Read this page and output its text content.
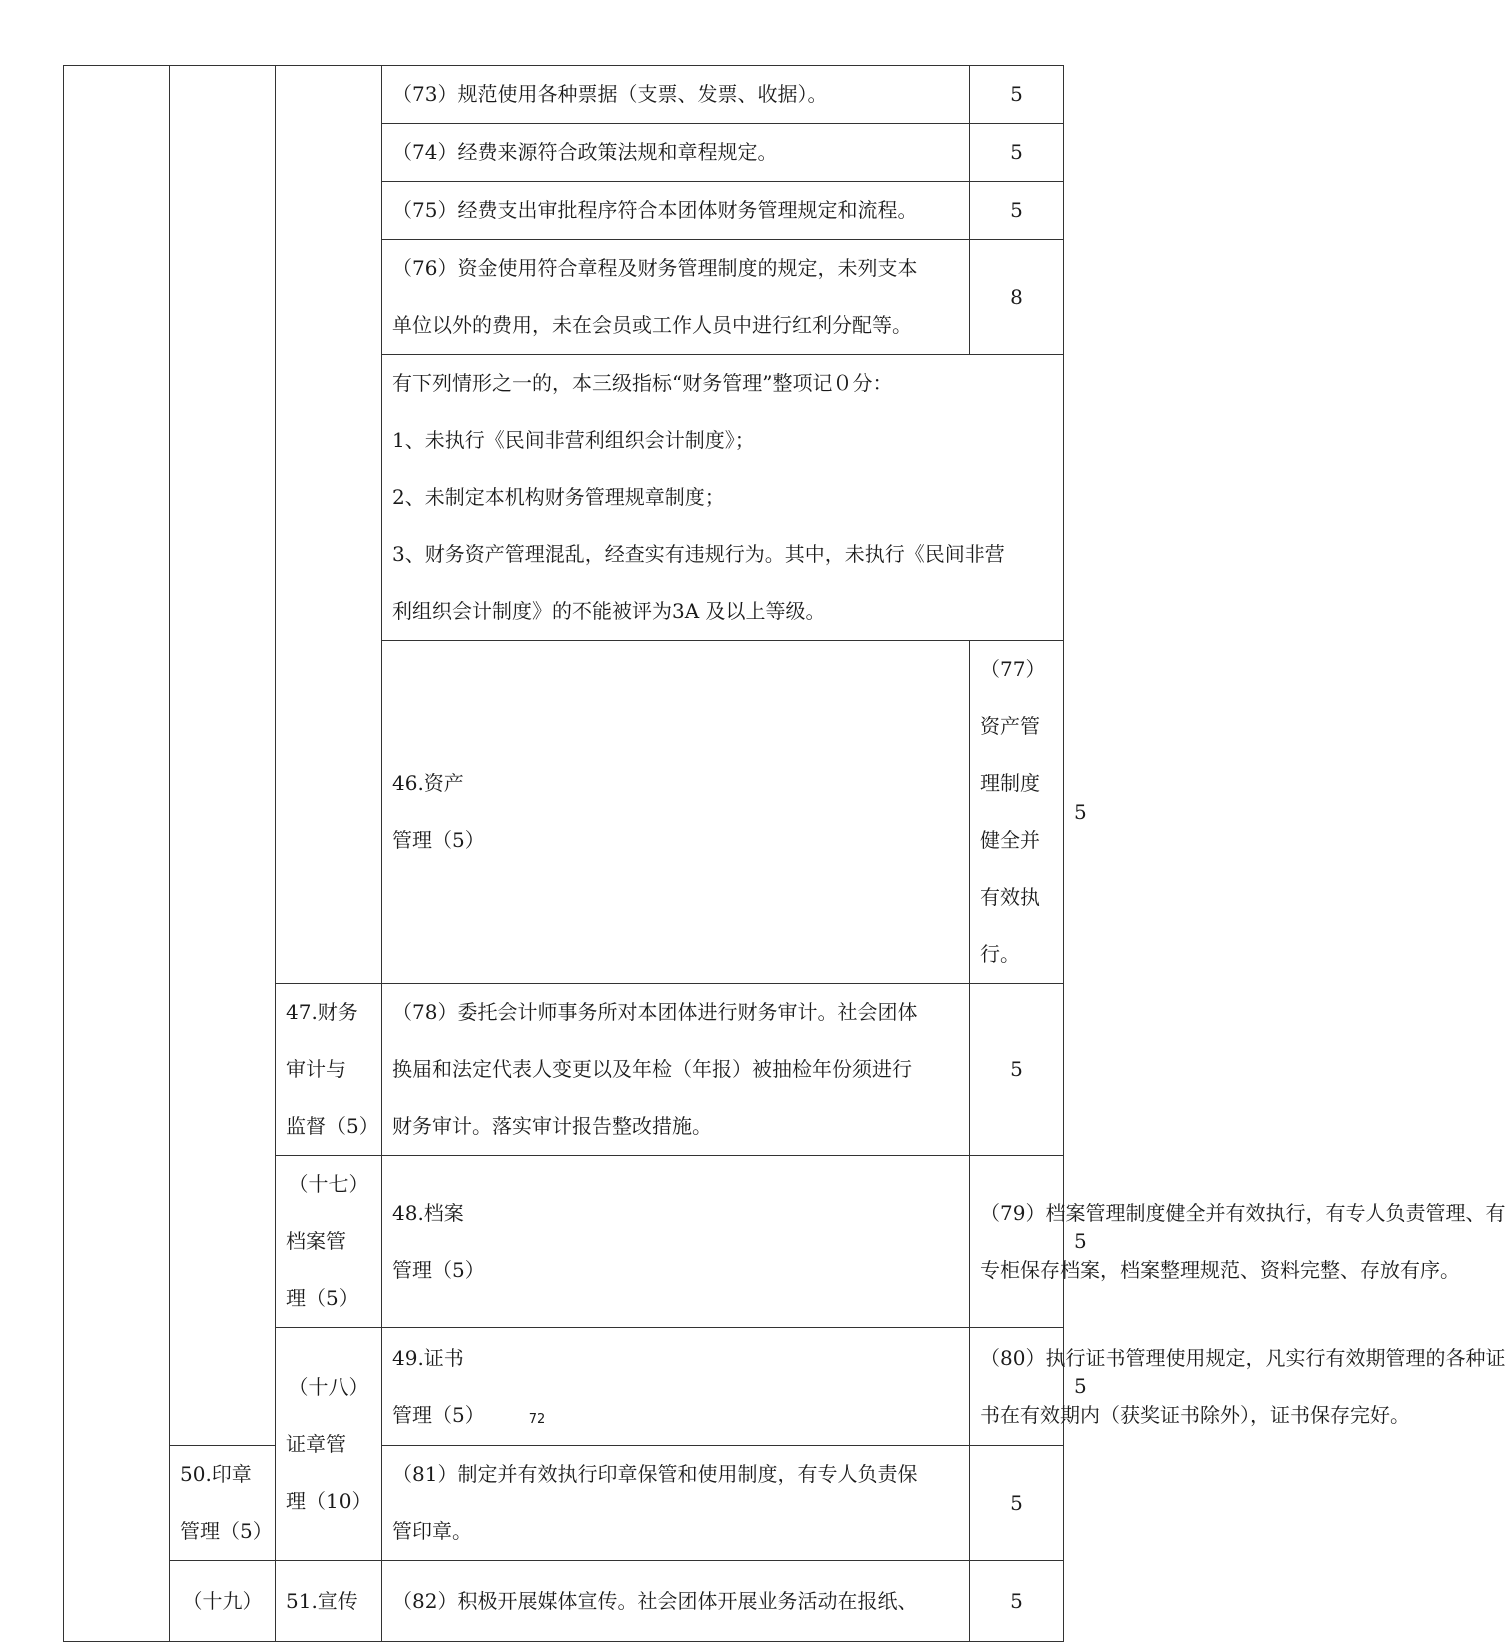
			（73）规范使用各种票据（支票、发票、收据）。	5	
			（74）经费来源符合政策法规和章程规定。	5	
			（75）经费支出审批程序符合本团体财务管理规定和流程。	5	

			（76）资金使用符合章程及财务管理制度的规定，未列支本
单位以外的费用，未在会员或工作人员中进行红利分配等。	8	

			有下列情形之一的，本三级指标“财务管理”整项记０分：
1、未执行《民间非营利组织会计制度》；
2、未制定本机构财务管理规章制度；
3、财务资产管理混乱，经查实有违规行为。其中，未执行《民间非营
利组织会计制度》的不能被评为3A 及以上等级。		

			46.资产
管理（5）	（77）资产管理制度健全并有效执行。	5

		47.财务
审计与
监督（5）	（78）委托会计师事务所对本团体进行财务审计。社会团体
换届和法定代表人变更以及年检（年报）被抽检年份须进行
财务审计。落实审计报告整改措施。	5	

		（十七）
档案管
理（5）	48.档案
管理（5）	（79）档案管理制度健全并有效执行，有专人负责管理、有
专柜保存档案，档案整理规范、资料完整、存放有序。	5

		（十八）
证章管
理（10）	49.证书
管理（5）	（80）执行证书管理使用规定，凡实行有效期管理的各种证
书在有效期内（获奖证书除外），证书保存完好。	5

	50.印章
管理（5）		（81）制定并有效执行印章保管和使用制度，有专人负责保
管印章。	5	

	（十九）	51.宣传	（82）积极开展媒体宣传。社会团体开展业务活动在报纸、	5	
72
